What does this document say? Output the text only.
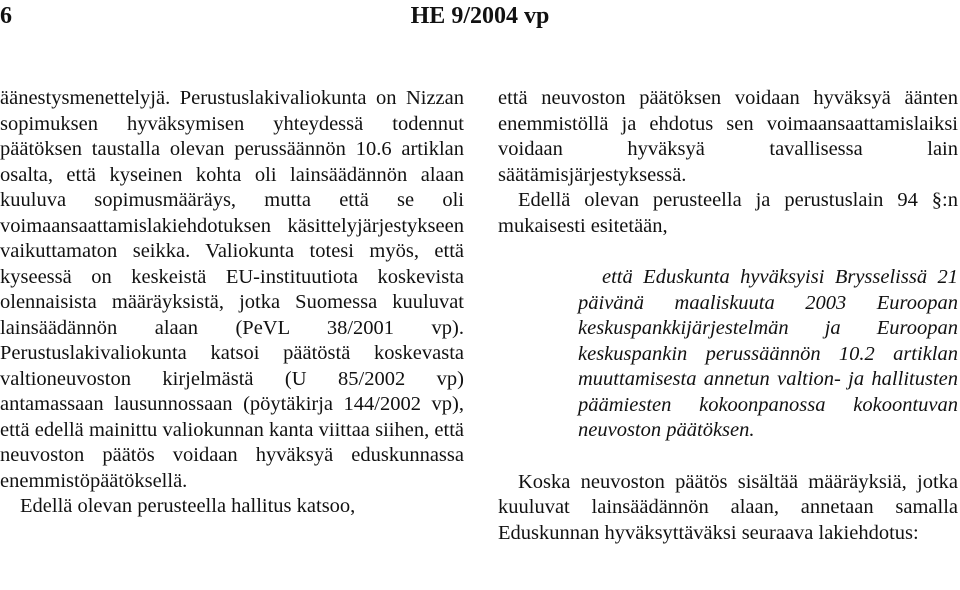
6	HE 9/2004 vp

äänestysmenettelyjä. Perustuslakivaliokunta on Nizzan sopimuksen hyväksymisen yhteydessä todennut päätöksen taustalla olevan perussäännön 10.6 artiklan osalta, että kyseinen kohta oli lainsäädännön alaan kuuluva sopimusmääräys, mutta että se oli voimaansaattamislakiehdotuksen käsittelyjärjestykseen vaikuttamaton seikka. Valiokunta totesi myös, että kyseessä on keskeistä EU-instituutiota koskevista olennaisista määräyksistä, jotka Suomessa kuuluvat lainsäädännön alaan (PeVL 38/2001 vp). Perustuslakivaliokunta katsoi päätöstä koskevasta valtioneuvoston kirjelmästä (U 85/2002 vp) antamassaan lausunnossaan (pöytäkirja 144/2002 vp), että edellä mainittu valiokunnan kanta viittaa siihen, että neuvoston päätös voidaan hyväksyä eduskunnassa enemmistöpäätöksellä.

Edellä olevan perusteella hallitus katsoo,

että neuvoston päätöksen voidaan hyväksyä äänten enemmistöllä ja ehdotus sen voimaansaattamislaiksi voidaan hyväksyä tavallisessa lain säätämisjärjestyksessä.

Edellä olevan perusteella ja perustuslain 94 §:n mukaisesti esitetään,

että Eduskunta hyväksyisi Brysselissä 21 päivänä maaliskuuta 2003 Euroopan keskuspankkijärjestelmän ja Euroopan keskuspankin perussäännön 10.2 artiklan muuttamisesta annetun valtion- ja hallitusten päämiesten kokoonpanossa kokoontuvan neuvoston päätöksen.

Koska neuvoston päätös sisältää määräyksiä, jotka kuuluvat lainsäädännön alaan, annetaan samalla Eduskunnan hyväksyttäväksi seuraava lakiehdotus:
